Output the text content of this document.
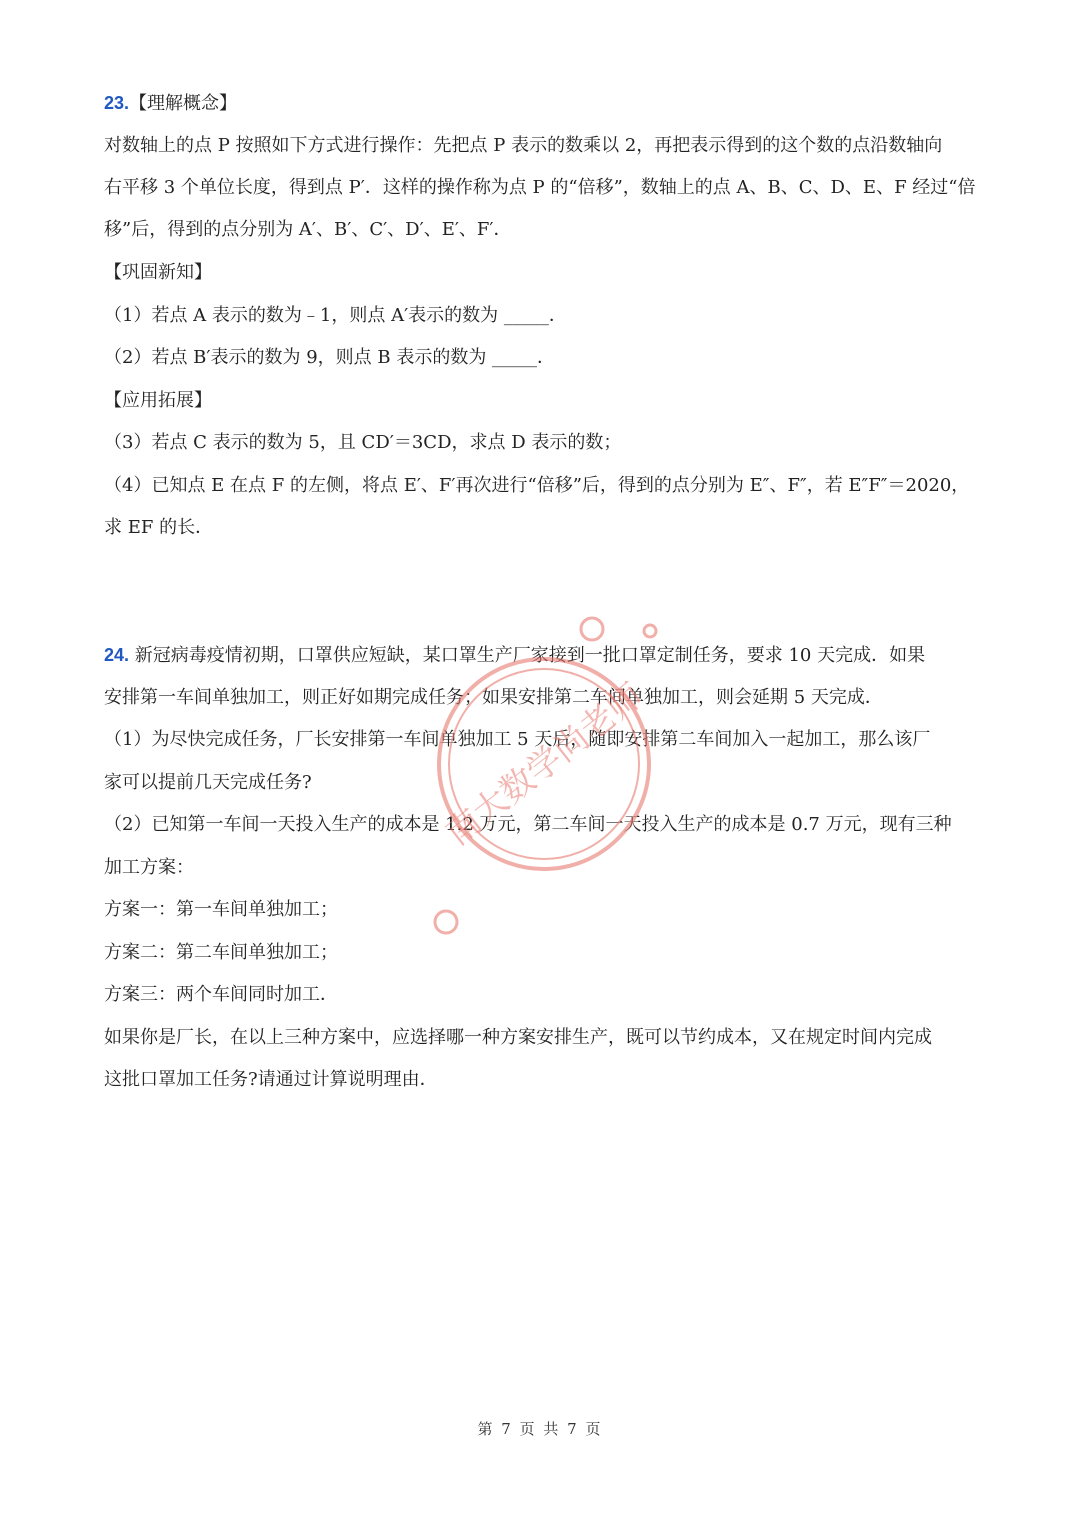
23.【理解概念】
对数轴上的点 P 按照如下方式进行操作：先把点 P 表示的数乘以 2，再把表示得到的这个数的点沿数轴向
右平移 3 个单位长度，得到点 P′．这样的操作称为点 P 的“倍移”，数轴上的点 A、B、C、D、E、F 经过“倍
移”后，得到的点分别为 A′、B′、C′、D′、E′、F′．
【巩固新知】
（1）若点 A 表示的数为﹣1，则点 A′表示的数为 _____．
（2）若点 B′表示的数为 9，则点 B 表示的数为 _____．
【应用拓展】
（3）若点 C 表示的数为 5，且 CD′＝3CD，求点 D 表示的数；
（4）已知点 E 在点 F 的左侧，将点 E′、F′再次进行“倍移”后，得到的点分别为 E″、F″，若 E″F″＝2020，
求 EF 的长．
24. 新冠病毒疫情初期，口罩供应短缺，某口罩生产厂家接到一批口罩定制任务，要求 10 天完成．如果
安排第一车间单独加工，则正好如期完成任务；如果安排第二车间单独加工，则会延期 5 天完成．
（1）为尽快完成任务，厂长安排第一车间单独加工 5 天后，随即安排第二车间加入一起加工，那么该厂
家可以提前几天完成任务?
（2）已知第一车间一天投入生产的成本是 1.2 万元，第二车间一天投入生产的成本是 0.7 万元，现有三种
加工方案：
方案一：第一车间单独加工；
方案二：第二车间单独加工；
方案三：两个车间同时加工．
如果你是厂长，在以上三种方案中，应选择哪一种方案安排生产，既可以节约成本，又在规定时间内完成
这批口罩加工任务?请通过计算说明理由．
南大数学尚老师
第 7 页 共 7 页
